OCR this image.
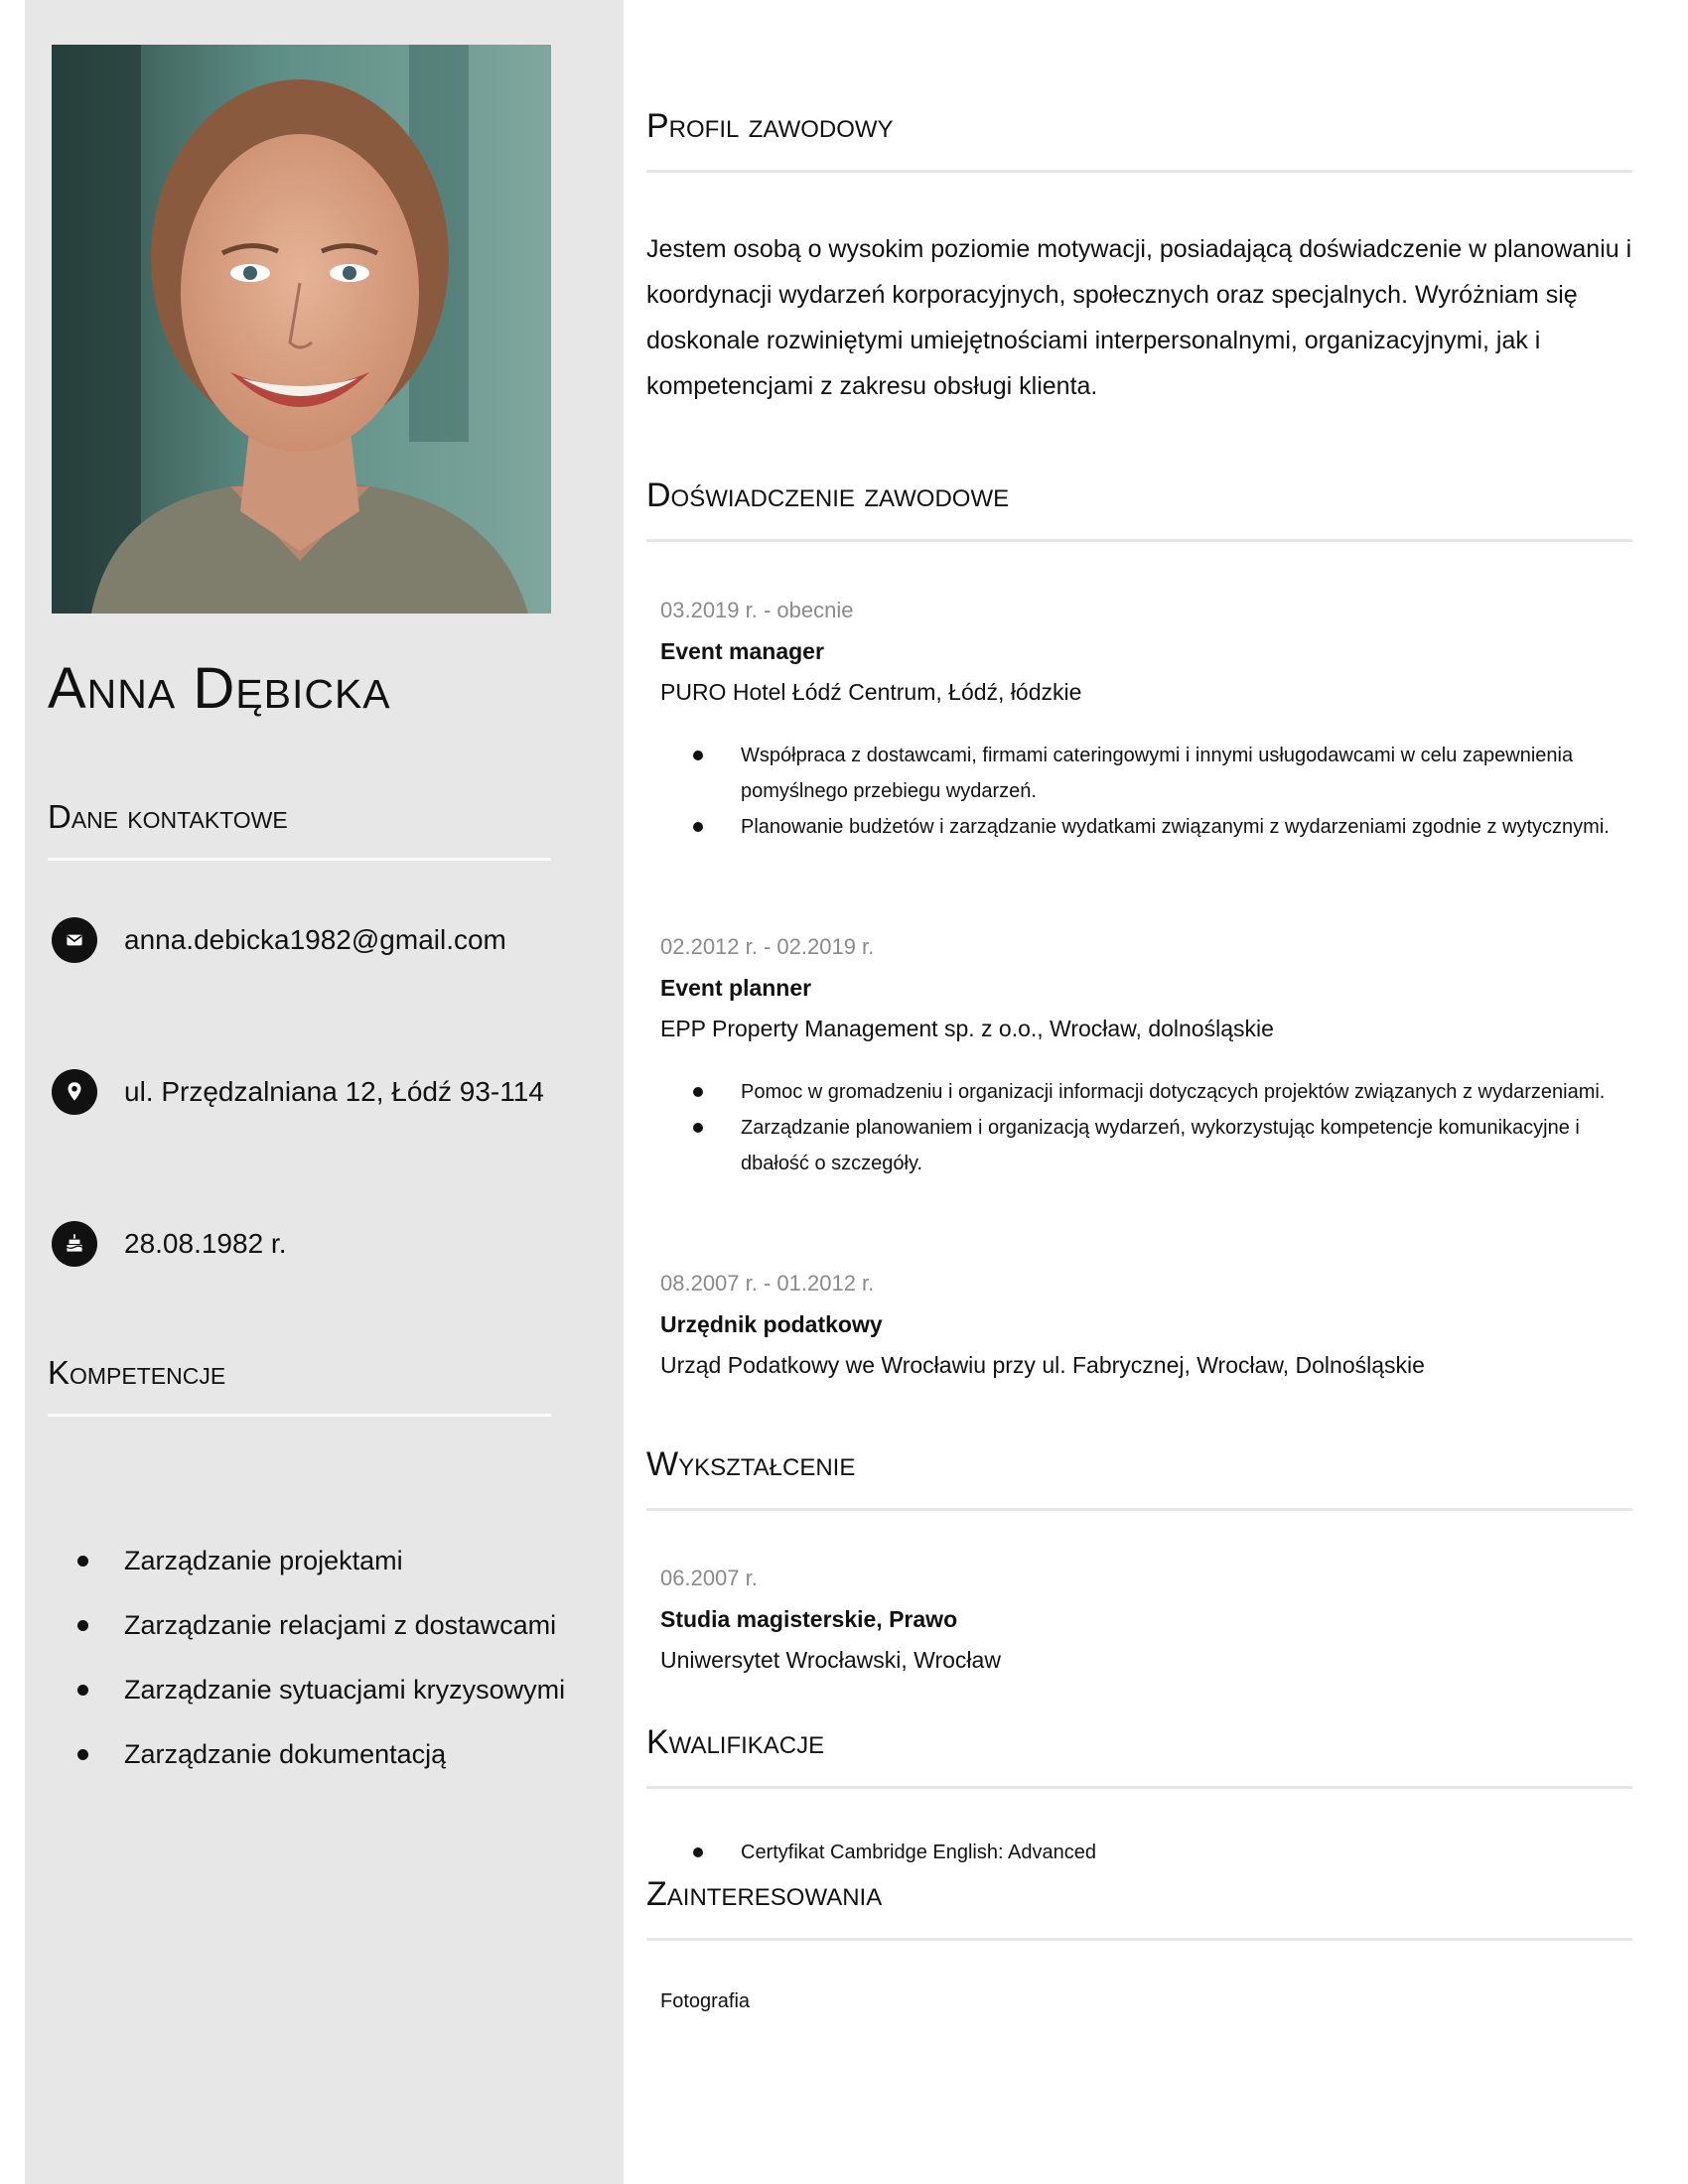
Anna Dębicka
Dane kontaktowe
anna.debicka1982@gmail.com
ul. Przędzalniana 12, Łódź 93-114
28.08.1982 r.
Kompetencje
Zarządzanie projektami
Zarządzanie relacjami z dostawcami
Zarządzanie sytuacjami kryzysowymi
Zarządzanie dokumentacją
Profil zawodowy
Jestem osobą o wysokim poziomie motywacji, posiadającą doświadczenie w planowaniu i koordynacji wydarzeń korporacyjnych, społecznych oraz specjalnych. Wyróżniam się doskonale rozwiniętymi umiejętnościami interpersonalnymi, organizacyjnymi, jak i kompetencjami z zakresu obsługi klienta.
Doświadczenie zawodowe
03.2019 r. - obecnie
Event manager
PURO Hotel Łódź Centrum, Łódź, łódzkie
Współpraca z dostawcami, firmami cateringowymi i innymi usługodawcami w celu zapewnienia pomyślnego przebiegu wydarzeń.
Planowanie budżetów i zarządzanie wydatkami związanymi z wydarzeniami zgodnie z wytycznymi.
02.2012 r. - 02.2019 r.
Event planner
EPP Property Management sp. z o.o., Wrocław, dolnośląskie
Pomoc w gromadzeniu i organizacji informacji dotyczących projektów związanych z wydarzeniami.
Zarządzanie planowaniem i organizacją wydarzeń, wykorzystując kompetencje komunikacyjne i dbałość o szczegóły.
08.2007 r. - 01.2012 r.
Urzędnik podatkowy
Urząd Podatkowy we Wrocławiu przy ul. Fabrycznej, Wrocław, Dolnośląskie
Wykształcenie
06.2007 r.
Studia magisterskie, Prawo
Uniwersytet Wrocławski, Wrocław
Kwalifikacje
Certyfikat Cambridge English: Advanced
Zainteresowania
Fotografia
